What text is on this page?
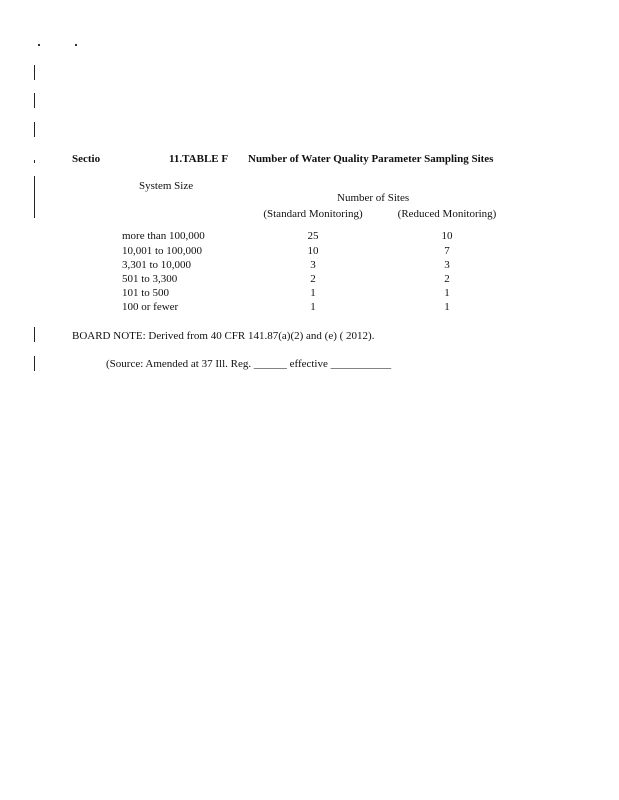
Sectio	11.TABLE F Number of Water Quality Parameter Sampling Sites
System Size
Number of Sites
(Standard Monitoring)	(Reduced Monitoring)
more than 100,000	25	10
10,001 to 100,000	10	7
3,301 to 10,000	3	3
501 to 3,300	2	2
101 to 500	1	1
100 or fewer	1	1
BOARD NOTE: Derived from 40 CFR 141.87(a)(2) and (e) ( 2012).
(Source: Amended at 37 Ill. Reg. ______ effective ___________
